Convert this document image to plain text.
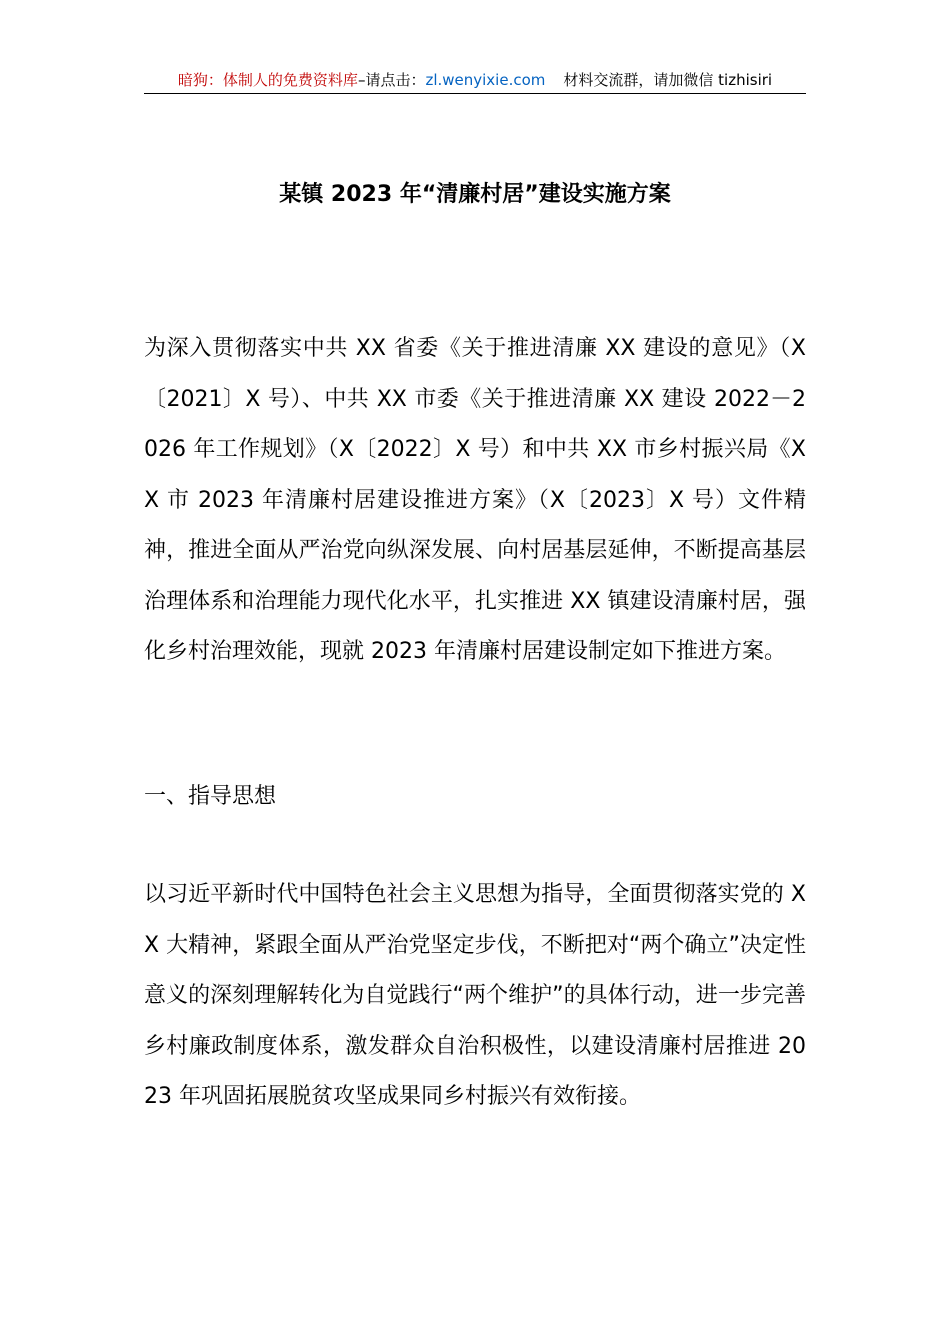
暗狗：体制人的免费资料库–请点击：zl.wenyixie.com 材料交流群，请加微信 tizhisiri
某镇 2023 年“清廉村居”建设实施方案

为深入贯彻落实中共 XX 省委《关于推进清廉 XX 建设的意见》（X〔2021〕X 号）、中共 XX 市委《关于推进清廉 XX 建设 2022－2026 年工作规划》（X〔2022〕X 号）和中共 XX 市乡村振兴局《XX 市 2023 年清廉村居建设推进方案》（X〔2023〕X 号）文件精神，推进全面从严治党向纵深发展、向村居基层延伸，不断提高基层治理体系和治理能力现代化水平，扎实推进 XX 镇建设清廉村居，强化乡村治理效能，现就 2023 年清廉村居建设制定如下推进方案。

一、指导思想

以习近平新时代中国特色社会主义思想为指导，全面贯彻落实党的 XX 大精神，紧跟全面从严治党坚定步伐，不断把对“两个确立”决定性意义的深刻理解转化为自觉践行“两个维护”的具体行动，进一步完善乡村廉政制度体系，激发群众自治积极性，以建设清廉村居推进 2023 年巩固拓展脱贫攻坚成果同乡村振兴有效衔接。
